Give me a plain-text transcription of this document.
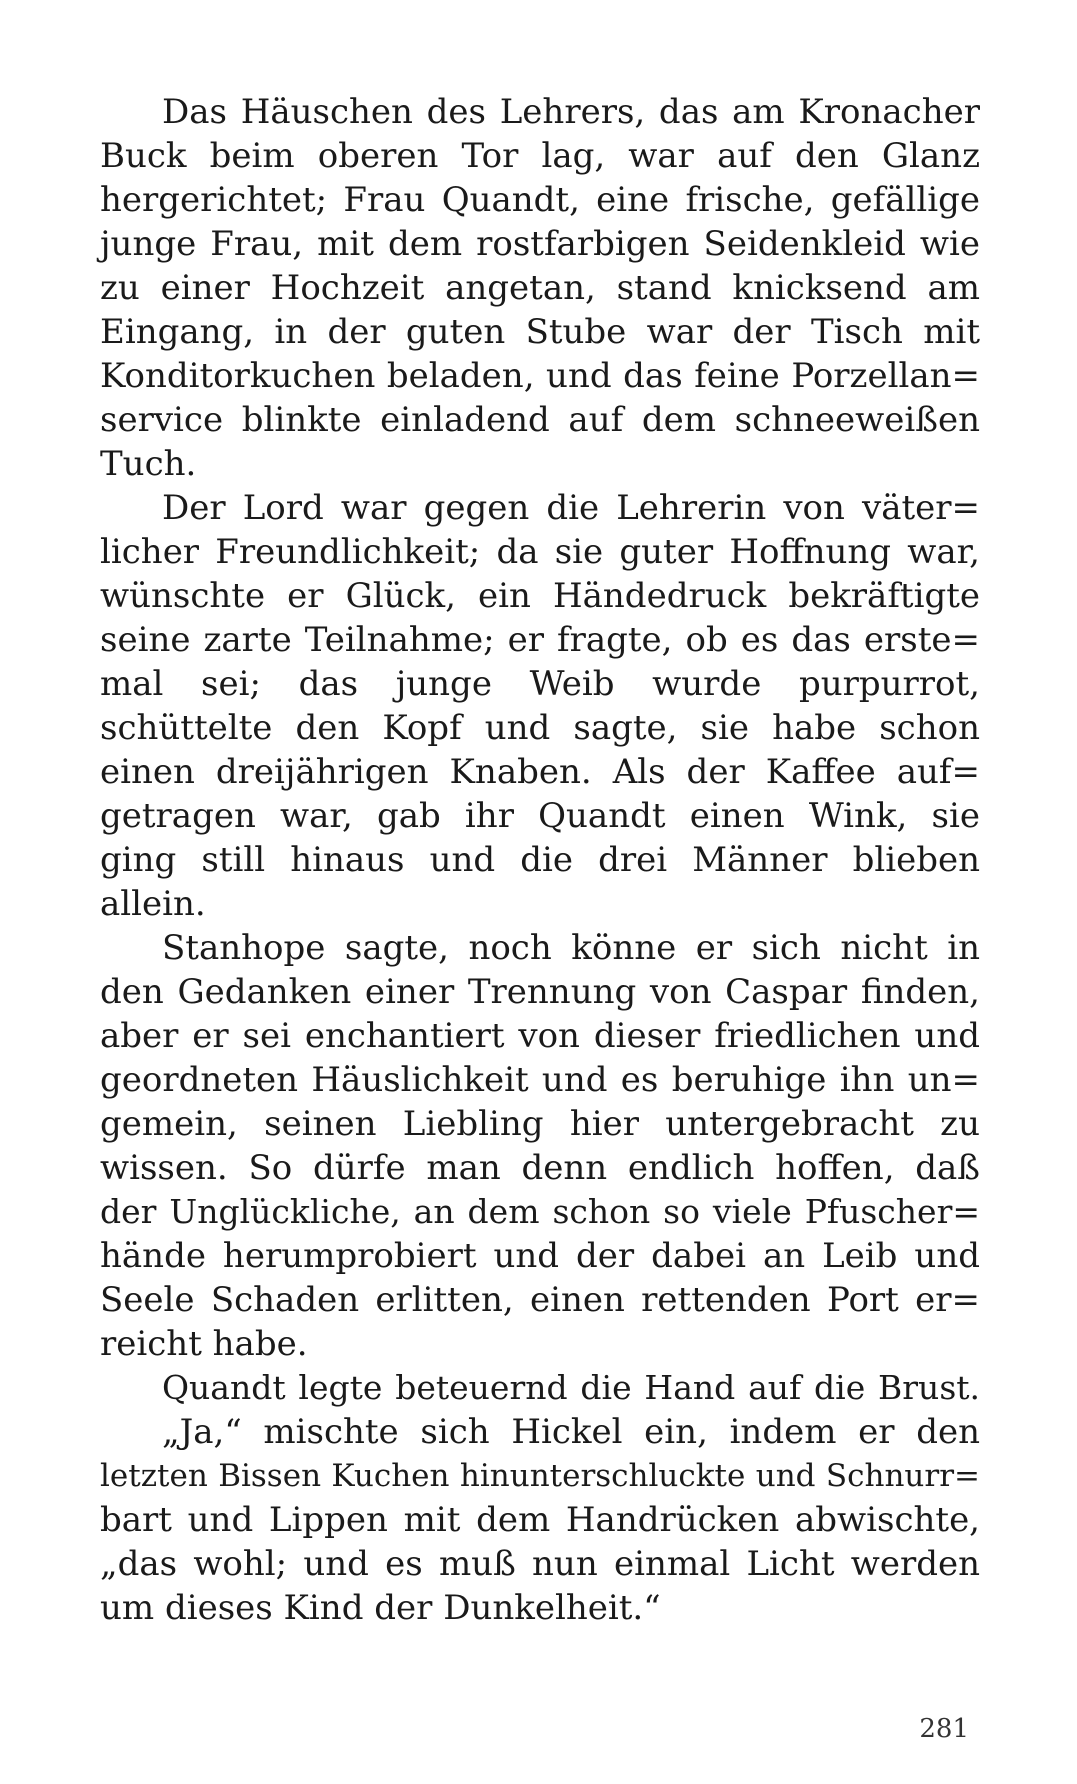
Das Häuschen des Lehrers, das am Kronacher
Buck beim oberen Tor lag, war auf den Glanz
hergerichtet; Frau Quandt, eine frische, gefällige
junge Frau, mit dem rostfarbigen Seidenkleid wie
zu einer Hochzeit angetan, stand knicksend am
Eingang, in der guten Stube war der Tisch mit
Konditorkuchen beladen, und das feine Porzellan=
service blinkte einladend auf dem schneeweißen
Tuch.
Der Lord war gegen die Lehrerin von väter=
licher Freundlichkeit; da sie guter Hoffnung war,
wünschte er Glück, ein Händedruck bekräftigte
seine zarte Teilnahme; er fragte, ob es das erste=
mal sei; das junge Weib wurde purpurrot,
schüttelte den Kopf und sagte, sie habe schon
einen dreijährigen Knaben. Als der Kaffee auf=
getragen war, gab ihr Quandt einen Wink, sie
ging still hinaus und die drei Männer blieben
allein.
Stanhope sagte, noch könne er sich nicht in
den Gedanken einer Trennung von Caspar finden,
aber er sei enchantiert von dieser friedlichen und
geordneten Häuslichkeit und es beruhige ihn un=
gemein, seinen Liebling hier untergebracht zu
wissen. So dürfe man denn endlich hoffen, daß
der Unglückliche, an dem schon so viele Pfuscher=
hände herumprobiert und der dabei an Leib und
Seele Schaden erlitten, einen rettenden Port er=
reicht habe.
Quandt legte beteuernd die Hand auf die Brust.
„Ja,“ mischte sich Hickel ein, indem er den
letzten Bissen Kuchen hinunterschluckte und Schnurr=
bart und Lippen mit dem Handrücken abwischte,
„das wohl; und es muß nun einmal Licht werden
um dieses Kind der Dunkelheit.“
281
